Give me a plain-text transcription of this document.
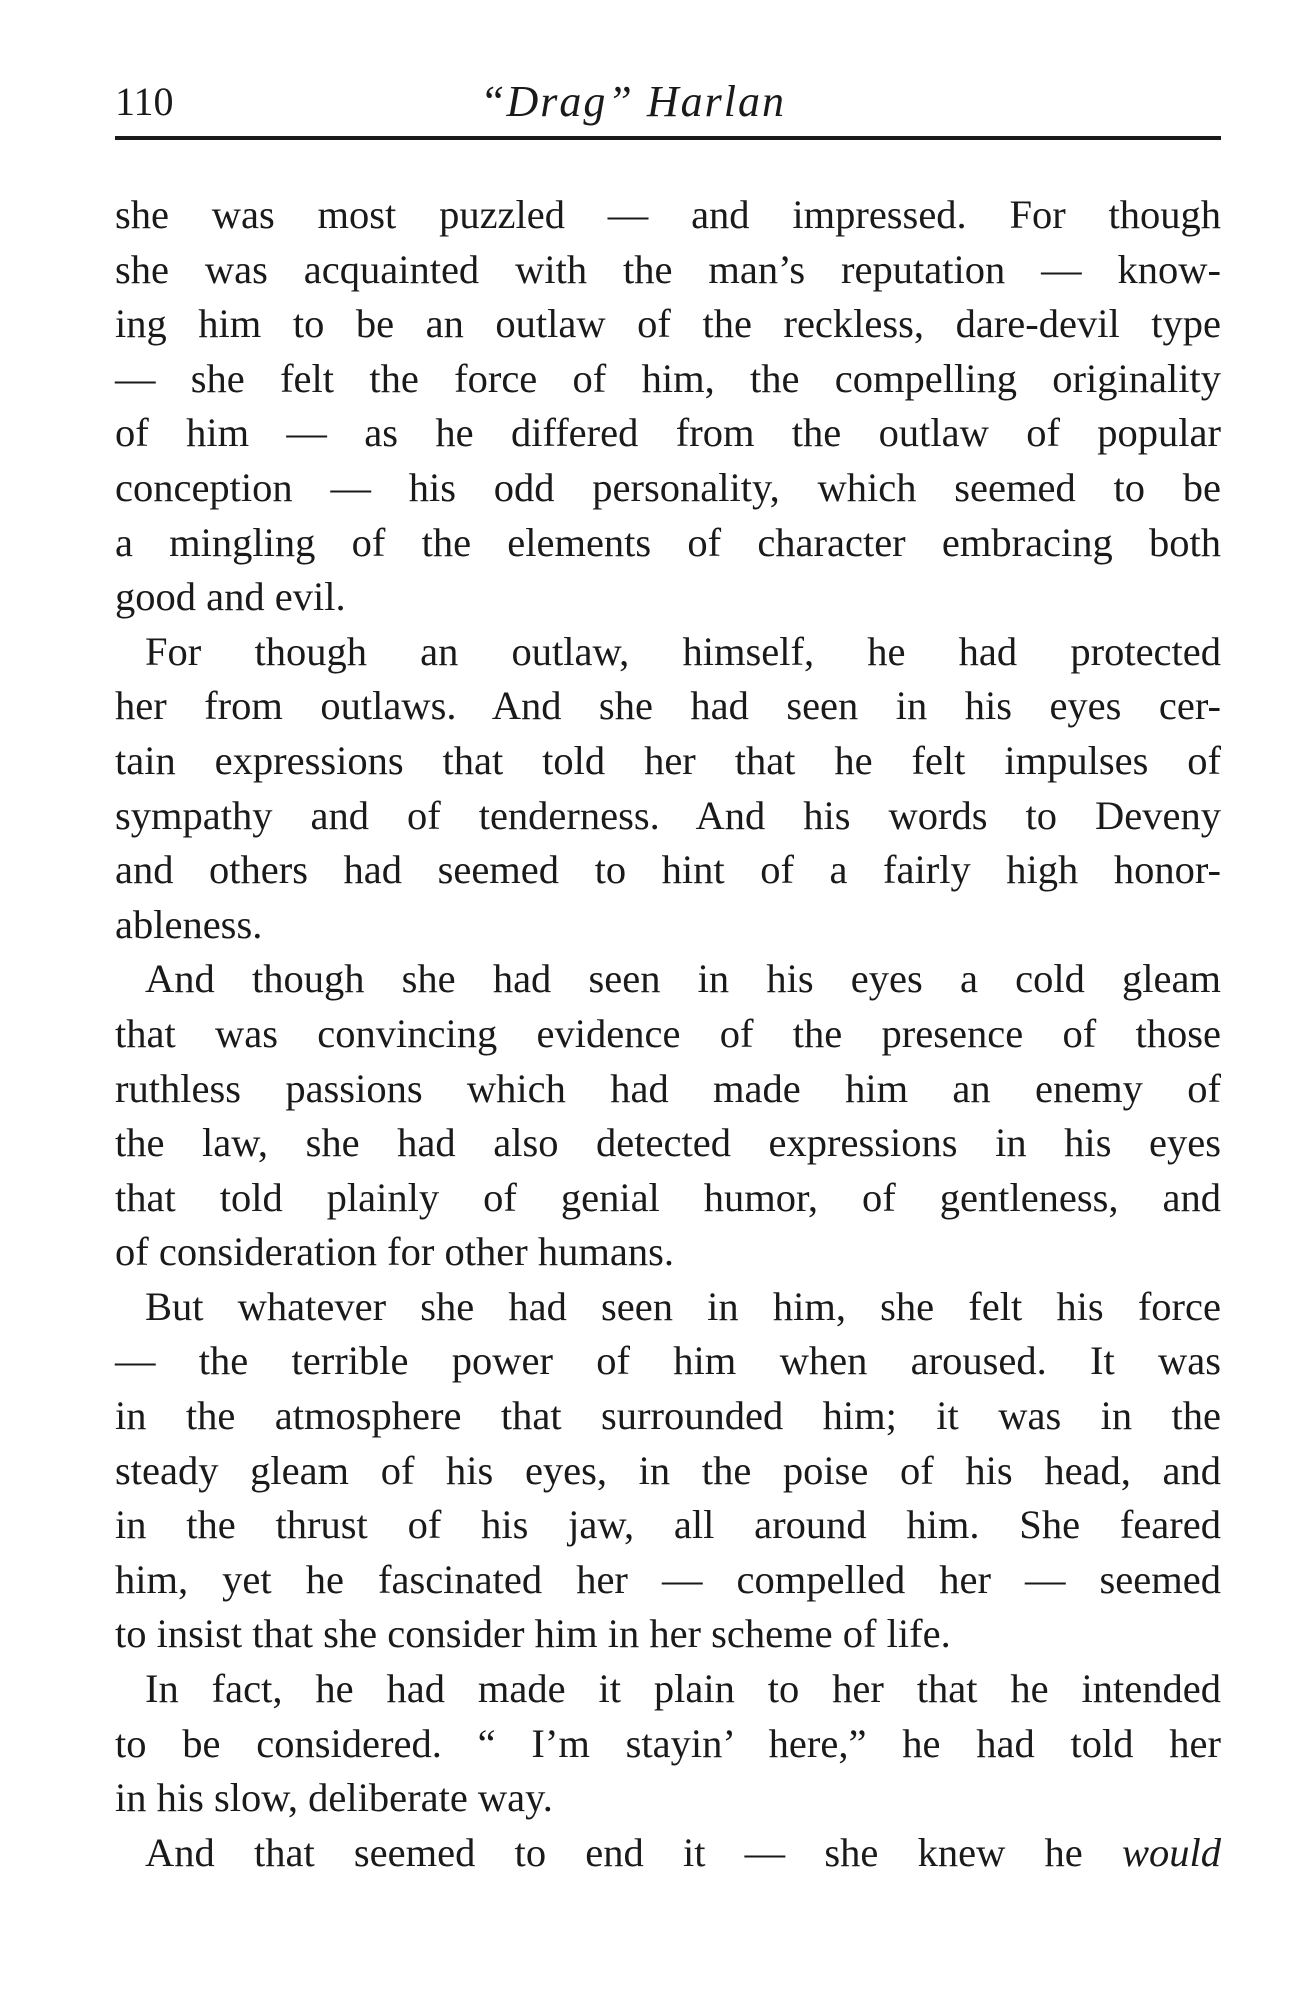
110	“Drag” Harlan
she was most puzzled — and impressed. For though
she was acquainted with the man’s reputation — know-
ing him to be an outlaw of the reckless, dare-devil type
— she felt the force of him, the compelling originality
of him — as he differed from the outlaw of popular
conception — his odd personality, which seemed to be
a mingling of the elements of character embracing both
good and evil.
For though an outlaw, himself, he had protected
her from outlaws. And she had seen in his eyes cer-
tain expressions that told her that he felt impulses of
sympathy and of tenderness. And his words to Deveny
and others had seemed to hint of a fairly high honor-
ableness.
And though she had seen in his eyes a cold gleam
that was convincing evidence of the presence of those
ruthless passions which had made him an enemy of
the law, she had also detected expressions in his eyes
that told plainly of genial humor, of gentleness, and
of consideration for other humans.
But whatever she had seen in him, she felt his force
— the terrible power of him when aroused. It was
in the atmosphere that surrounded him; it was in the
steady gleam of his eyes, in the poise of his head, and
in the thrust of his jaw, all around him. She feared
him, yet he fascinated her — compelled her — seemed
to insist that she consider him in her scheme of life.
In fact, he had made it plain to her that he intended
to be considered. “ I’m stayin’ here,” he had told her
in his slow, deliberate way.
And that seemed to end it — she knew he would
